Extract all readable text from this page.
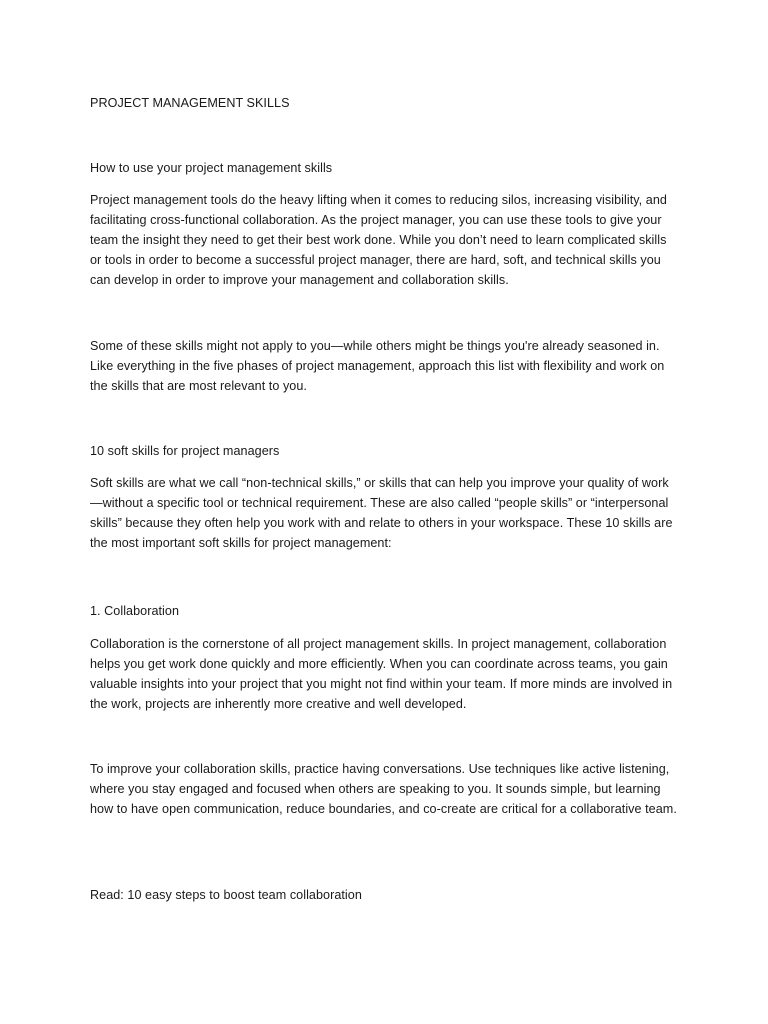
PROJECT MANAGEMENT SKILLS

How to use your project management skills

Project management tools do the heavy lifting when it comes to reducing silos, increasing visibility, and facilitating cross-functional collaboration. As the project manager, you can use these tools to give your team the insight they need to get their best work done. While you don’t need to learn complicated skills or tools in order to become a successful project manager, there are hard, soft, and technical skills you can develop in order to improve your management and collaboration skills.

Some of these skills might not apply to you—while others might be things you're already seasoned in. Like everything in the five phases of project management, approach this list with flexibility and work on the skills that are most relevant to you.

10 soft skills for project managers

Soft skills are what we call “non-technical skills,” or skills that can help you improve your quality of work—without a specific tool or technical requirement. These are also called “people skills” or “interpersonal skills” because they often help you work with and relate to others in your workspace. These 10 skills are the most important soft skills for project management:

1. Collaboration

Collaboration is the cornerstone of all project management skills. In project management, collaboration helps you get work done quickly and more efficiently. When you can coordinate across teams, you gain valuable insights into your project that you might not find within your team. If more minds are involved in the work, projects are inherently more creative and well developed.

To improve your collaboration skills, practice having conversations. Use techniques like active listening, where you stay engaged and focused when others are speaking to you. It sounds simple, but learning how to have open communication, reduce boundaries, and co-create are critical for a collaborative team.

Read: 10 easy steps to boost team collaboration
